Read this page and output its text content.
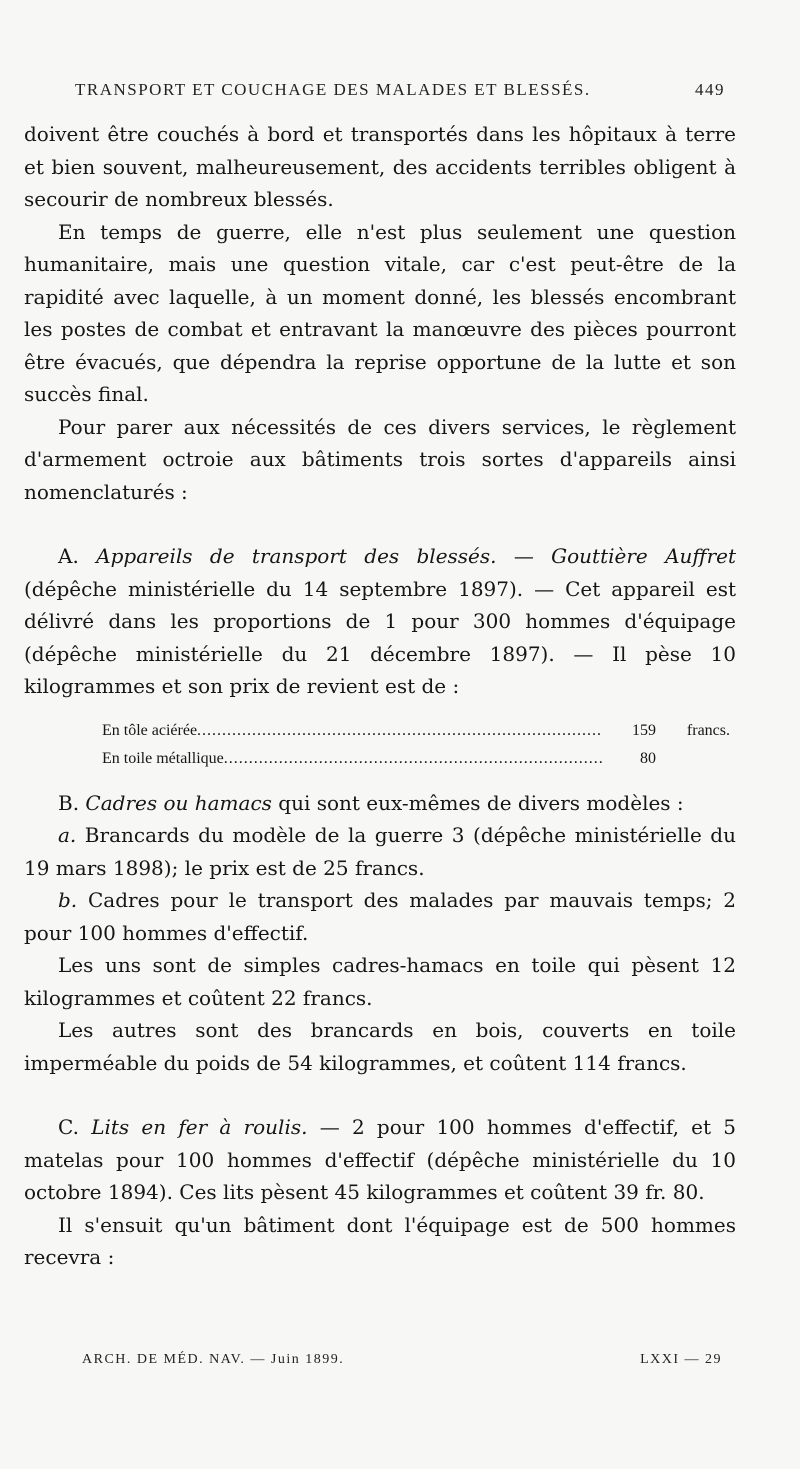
TRANSPORT ET COUCHAGE DES MALADES ET BLESSÉS.	449

doivent être couchés à bord et transportés dans les hôpitaux à terre et bien souvent, malheureusement, des accidents terribles obligent à secourir de nombreux blessés.

En temps de guerre, elle n'est plus seulement une question humanitaire, mais une question vitale, car c'est peut-être de la rapidité avec laquelle, à un moment donné, les blessés encombrant les postes de combat et entravant la manœuvre des pièces pourront être évacués, que dépendra la reprise opportune de la lutte et son succès final.

Pour parer aux nécessités de ces divers services, le règlement d'armement octroie aux bâtiments trois sortes d'appareils ainsi nomenclaturés :

A. Appareils de transport des blessés. — Gouttière Auffret (dépêche ministérielle du 14 septembre 1897). — Cet appareil est délivré dans les proportions de 1 pour 300 hommes d'équipage (dépêche ministérielle du 21 décembre 1897). — Il pèse 10 kilogrammes et son prix de revient est de :

En tôle aciérée .....	159	francs.
En toile métallique .....	80

B. Cadres ou hamacs qui sont eux-mêmes de divers modèles :

a. Brancards du modèle de la guerre 3 (dépêche ministérielle du 19 mars 1898); le prix est de 25 francs.

b. Cadres pour le transport des malades par mauvais temps; 2 pour 100 hommes d'effectif.

Les uns sont de simples cadres-hamacs en toile qui pèsent 12 kilogrammes et coûtent 22 francs.

Les autres sont des brancards en bois, couverts en toile imperméable du poids de 54 kilogrammes, et coûtent 114 francs.

C. Lits en fer à roulis. — 2 pour 100 hommes d'effectif, et 5 matelas pour 100 hommes d'effectif (dépêche ministérielle du 10 octobre 1894). Ces lits pèsent 45 kilogrammes et coûtent 39 fr. 80.

Il s'ensuit qu'un bâtiment dont l'équipage est de 500 hommes recevra :

ARCH. DE MÉD. NAV. — Juin 1899.	LXXI — 29
